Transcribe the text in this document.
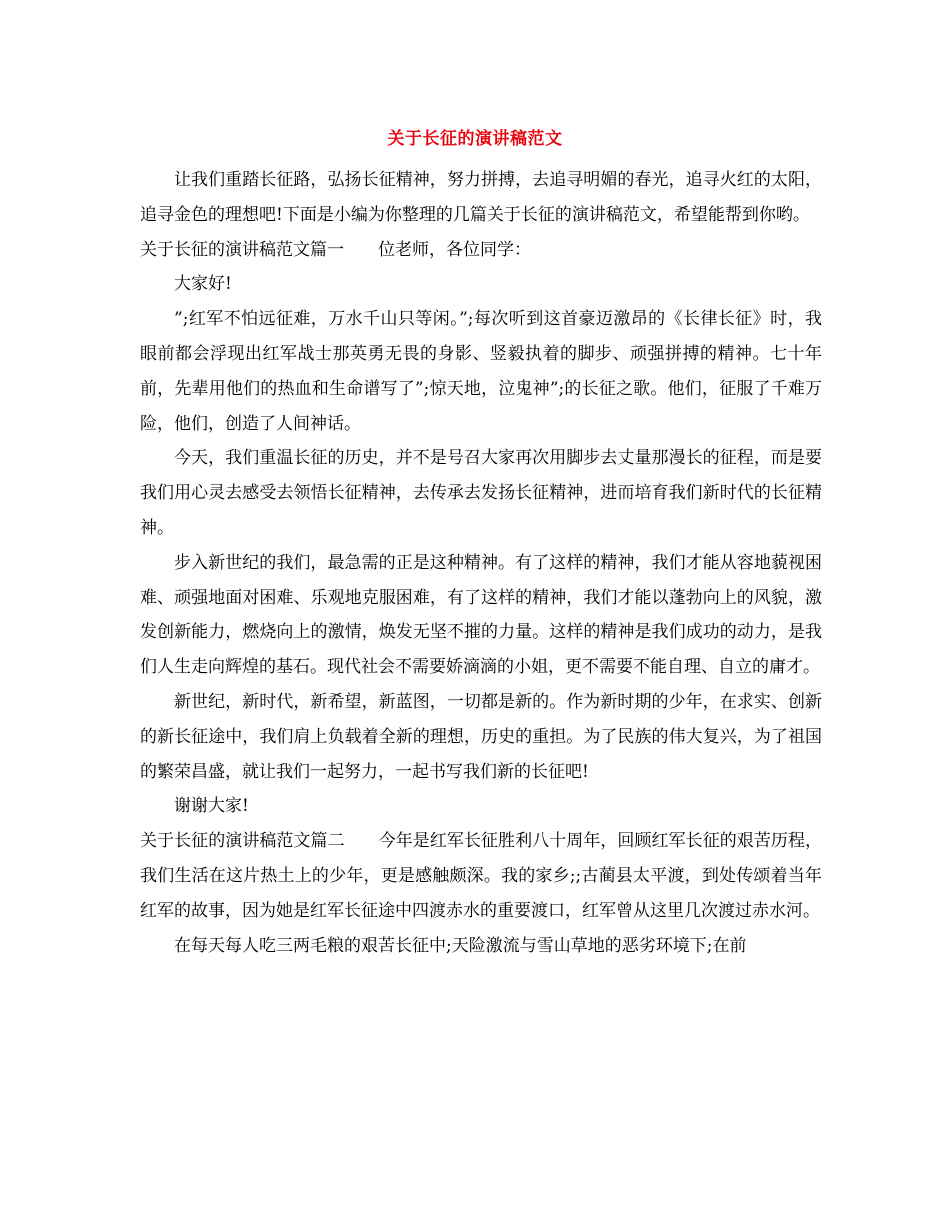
关于长征的演讲稿范文

让我们重踏长征路，弘扬长征精神，努力拼搏，去追寻明媚的春光，追寻火红的太阳，追寻金色的理想吧!下面是小编为你整理的几篇关于长征的演讲稿范文，希望能帮到你哟。

关于长征的演讲稿范文篇一 位老师，各位同学：

大家好!

”;红军不怕远征难，万水千山只等闲。”;每次听到这首豪迈激昂的《长律长征》时，我眼前都会浮现出红军战士那英勇无畏的身影、竖毅执着的脚步、顽强拼搏的精神。七十年前，先辈用他们的热血和生命谱写了”;惊天地，泣鬼神”;的长征之歌。他们，征服了千难万险，他们，创造了人间神话。

今天，我们重温长征的历史，并不是号召大家再次用脚步去丈量那漫长的征程，而是要我们用心灵去感受去领悟长征精神，去传承去发扬长征精神，进而培育我们新时代的长征精神。

步入新世纪的我们，最急需的正是这种精神。有了这样的精神，我们才能从容地藐视困难、顽强地面对困难、乐观地克服困难，有了这样的精神，我们才能以蓬勃向上的风貌，激发创新能力，燃烧向上的激情，焕发无坚不摧的力量。这样的精神是我们成功的动力，是我们人生走向辉煌的基石。现代社会不需要娇滴滴的小姐，更不需要不能自理、自立的庸才。

新世纪，新时代，新希望，新蓝图，一切都是新的。作为新时期的少年，在求实、创新的新长征途中，我们肩上负载着全新的理想，历史的重担。为了民族的伟大复兴，为了祖国的繁荣昌盛，就让我们一起努力，一起书写我们新的长征吧!

谢谢大家!

关于长征的演讲稿范文篇二 今年是红军长征胜利八十周年，回顾红军长征的艰苦历程，我们生活在这片热土上的少年，更是感触颇深。我的家乡;;古蔺县太平渡，到处传颂着当年红军的故事，因为她是红军长征途中四渡赤水的重要渡口，红军曾从这里几次渡过赤水河。

在每天每人吃三两毛粮的艰苦长征中;天险激流与雪山草地的恶劣环境下;在前
